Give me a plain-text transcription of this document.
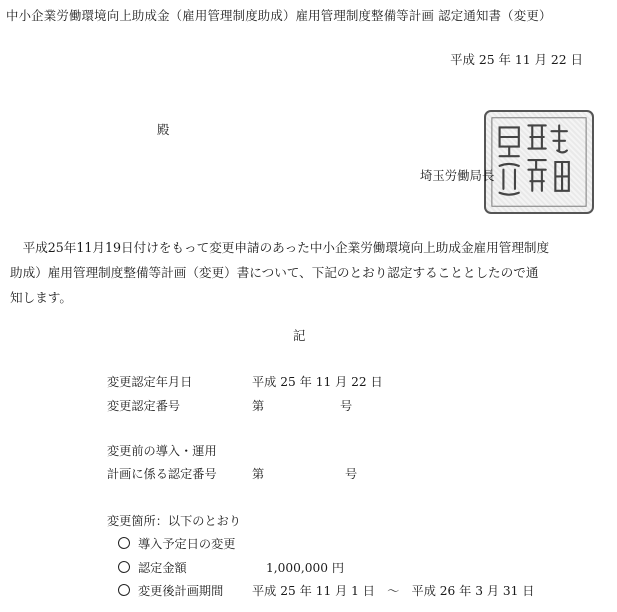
中小企業労働環境向上助成金（雇用管理制度助成）雇用管理制度整備等計画 認定通知書（変更）
平成 25 年 11 月 22 日
殿
埼玉労働局長

平成25年11月19日付けをもって変更申請のあった中小企業労働環境向上助成金雇用管理制度助成）雇用管理制度整備等計画（変更）書について、下記のとおり認定することとしたので通知します。

記
変更認定年月日	平成 25 年 11 月 22 日
変更認定番号	第	号
変更前の導入・運用
計画に係る認定番号	第	号
変更箇所：以下のとおり
導入予定日の変更
認定金額	1,000,000 円
変更後計画期間 平成 25 年 11 月 1 日　～　平成 26 年 3 月 31 日
